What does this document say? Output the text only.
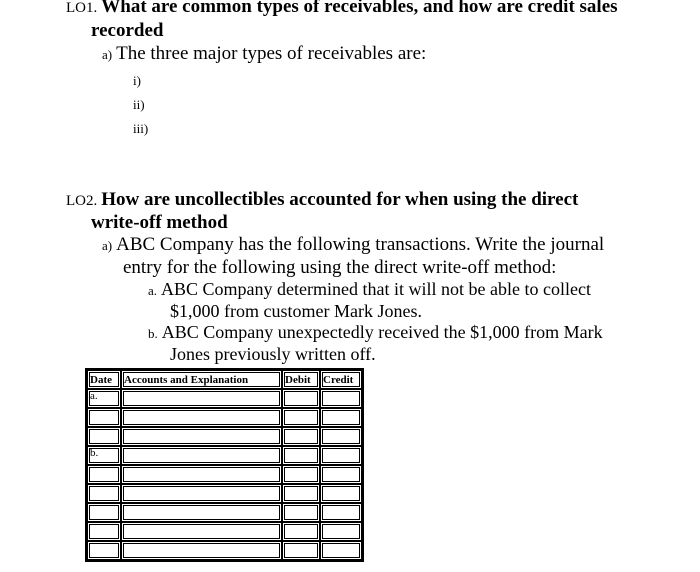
LO1. What are common types of receivables, and how are credit sales
recorded
a) The three major types of receivables are:
i)
ii)
iii)
LO2. How are uncollectibles accounted for when using the direct
write-off method
a) ABC Company has the following transactions. Write the journal
entry for the following using the direct write-off method:
a. ABC Company determined that it will not be able to collect
$1,000 from customer Mark Jones.
b. ABC Company unexpectedly received the $1,000 from Mark
Jones previously written off.
Date	Accounts and Explanation	Debit	Credit
a.			

b.			
